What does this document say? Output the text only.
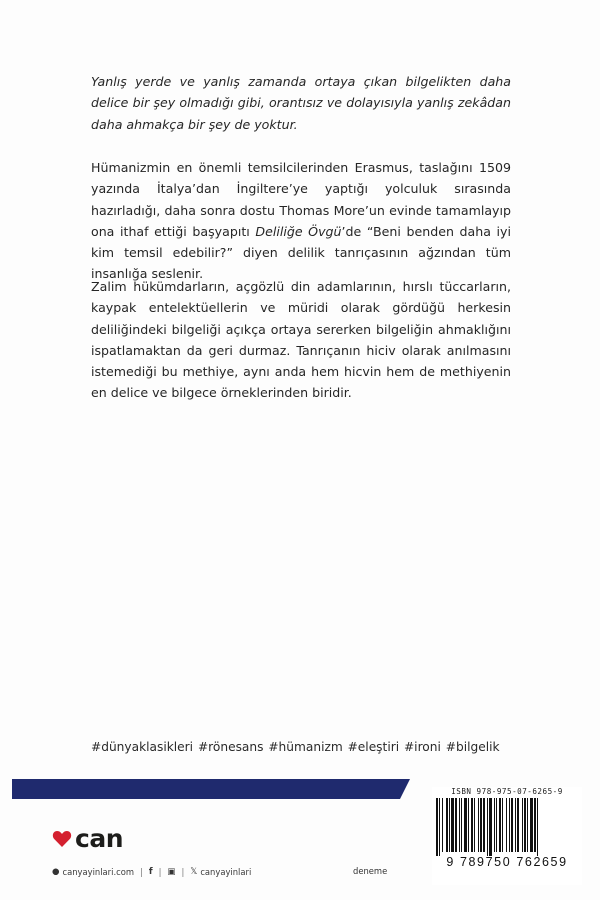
Yanlış yerde ve yanlış zamanda ortaya çıkan bilgelikten daha delice bir şey olmadığı gibi, orantısız ve dolayısıyla yanlış zekâdan daha ahmakça bir şey de yoktur.

Hümanizmin en önemli temsilcilerinden Erasmus, taslağını 1509 yazında İtalya’dan İngiltere’ye yaptığı yolculuk sırasında hazırladığı, daha sonra dostu Thomas More’un evinde tamamlayıp ona ithaf ettiği başyapıtı Deliliğe Övgü’de “Beni benden daha iyi kim temsil edebilir?” diyen delilik tanrıçasının ağzından tüm insanlığa seslenir.

Zalim hükümdarların, açgözlü din adamlarının, hırslı tüccarların, kaypak entelektüellerin ve müridi olarak gördüğü herkesin deliliğindeki bilgeliği açıkça ortaya sererken bilgeliğin ahmaklığını ispatlamaktan da geri durmaz. Tanrıçanın hiciv olarak anılmasını istemediği bu methiye, aynı anda hem hicvin hem de methiyenin en delice ve bilgece örneklerinden biridir.

#dünyaklasikleri #rönesans #hümanizm #eleştiri #ironi #bilgelik
ISBN 978-975-07-6265-9
9 789750 762659
can
● canyayinlari.com | f | ▣ | 𝕏 canyayinlari	deneme
